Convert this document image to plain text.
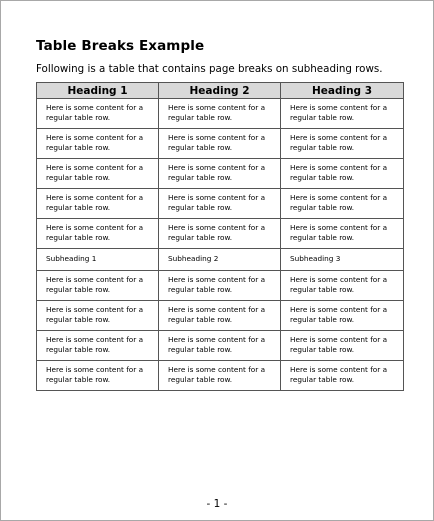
Table Breaks Example
Following is a table that contains page breaks on subheading rows.
Heading 1	Heading 2	Heading 3
Here is some content for a regular table row.	Here is some content for a regular table row.	Here is some content for a regular table row.
Here is some content for a regular table row.	Here is some content for a regular table row.	Here is some content for a regular table row.
Here is some content for a regular table row.	Here is some content for a regular table row.	Here is some content for a regular table row.
Here is some content for a regular table row.	Here is some content for a regular table row.	Here is some content for a regular table row.
Here is some content for a regular table row.	Here is some content for a regular table row.	Here is some content for a regular table row.
Subheading 1	Subheading 2	Subheading 3
Here is some content for a regular table row.	Here is some content for a regular table row.	Here is some content for a regular table row.
Here is some content for a regular table row.	Here is some content for a regular table row.	Here is some content for a regular table row.
Here is some content for a regular table row.	Here is some content for a regular table row.	Here is some content for a regular table row.
Here is some content for a regular table row.	Here is some content for a regular table row.	Here is some content for a regular table row.
- 1 -
